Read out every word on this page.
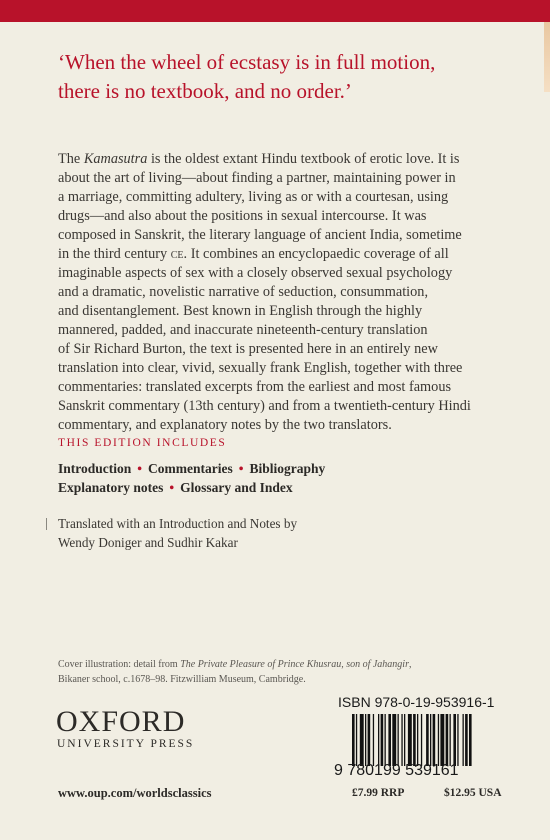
‘When the wheel of ecstasy is in full motion,
there is no textbook, and no order.’
The Kamasutra is the oldest extant Hindu textbook of erotic love. It is
about the art of living—about finding a partner, maintaining power in
a marriage, committing adultery, living as or with a courtesan, using
drugs—and also about the positions in sexual intercourse. It was
composed in Sanskrit, the literary language of ancient India, sometime
in the third century ce. It combines an encyclopaedic coverage of all
imaginable aspects of sex with a closely observed sexual psychology
and a dramatic, novelistic narrative of seduction, consummation,
and disentanglement. Best known in English through the highly
mannered, padded, and inaccurate nineteenth-century translation
of Sir Richard Burton, the text is presented here in an entirely new
translation into clear, vivid, sexually frank English, together with three
commentaries: translated excerpts from the earliest and most famous
Sanskrit commentary (13th century) and from a twentieth-century Hindi
commentary, and explanatory notes by the two translators.
THIS EDITION INCLUDES
Introduction • Commentaries • Bibliography
Explanatory notes • Glossary and Index
Translated with an Introduction and Notes by
Wendy Doniger and Sudhir Kakar
Cover illustration: detail from The Private Pleasure of Prince Khusrau, son of Jahangir,
Bikaner school, c.1678–98. Fitzwilliam Museum, Cambridge.
OXFORD
UNIVERSITY PRESS
www.oup.com/worldsclassics
ISBN 978-0-19-953916-1
9 780199 539161
£7.99 RRP	$12.95 USA
